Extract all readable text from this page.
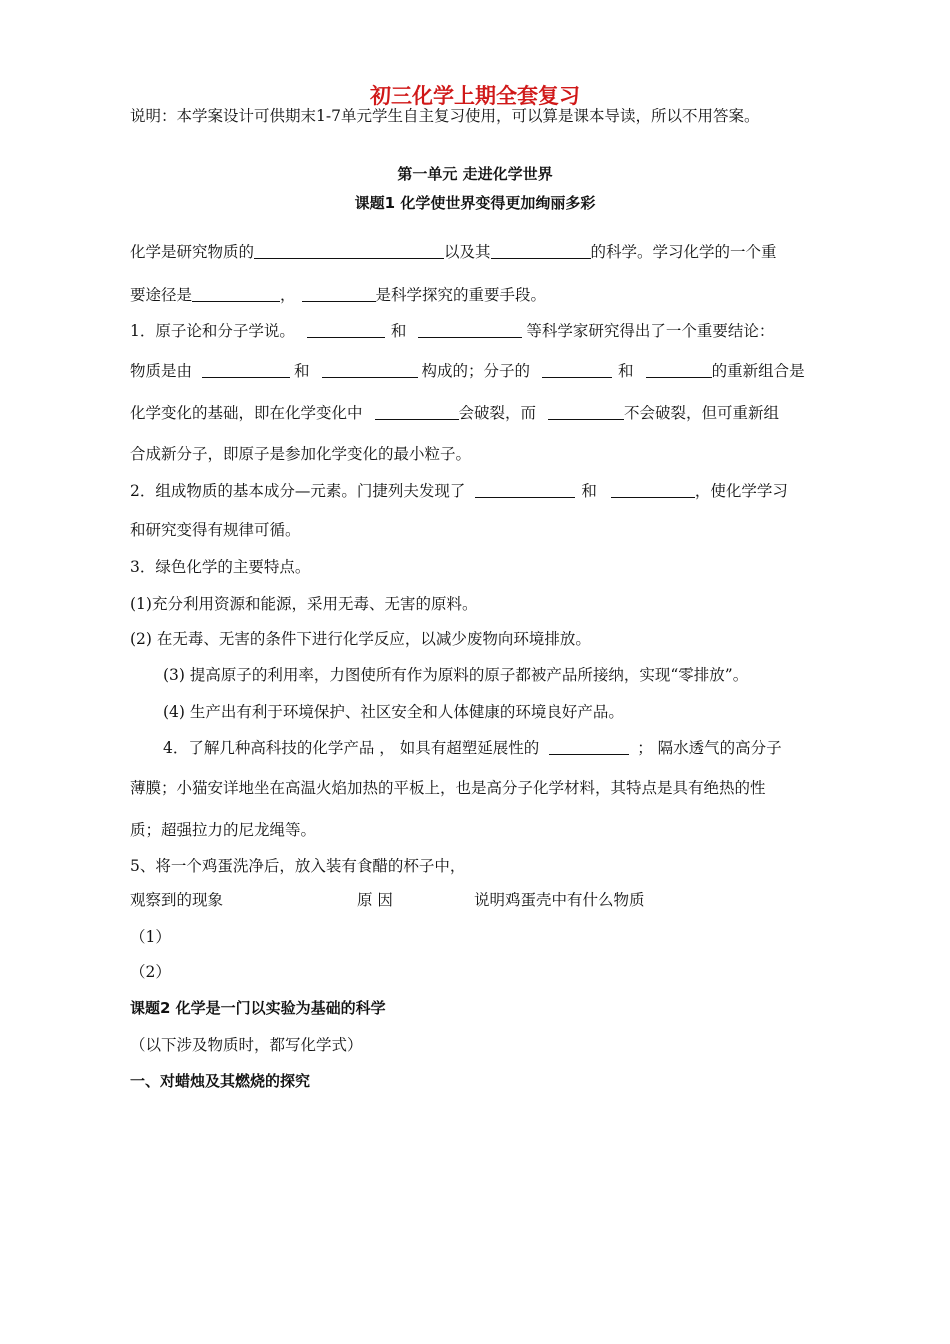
初三化学上期全套复习
说明：本学案设计可供期末1-7单元学生自主复习使用，可以算是课本导读，所以不用答案。
第一单元 走进化学世界
课题1 化学使世界变得更加绚丽多彩
化学是研究物质的	以及其	的科学。学习化学的一个重
要途径是	，	是科学探究的重要手段。
1．原子论和分子学说。	和	等科学家研究得出了一个重要结论：
物质是由	和	构成的；分子的	和	的重新组合是
化学变化的基础，即在化学变化中	会破裂，而	不会破裂，但可重新组
合成新分子，即原子是参加化学变化的最小粒子。
2．组成物质的基本成分—元素。门捷列夫发现了	和	，使化学学习
和研究变得有规律可循。
3．绿色化学的主要特点。
(1)充分利用资源和能源，采用无毒、无害的原料。
(2) 在无毒、无害的条件下进行化学反应，以减少废物向环境排放。
(3) 提高原子的利用率，力图使所有作为原料的原子都被产品所接纳，实现“零排放”。
(4) 生产出有利于环境保护、社区安全和人体健康的环境良好产品。
4．了解几种高科技的化学产品 ， 如具有超塑延展性的	； 隔水透气的高分子
薄膜；小猫安详地坐在高温火焰加热的平板上，也是高分子化学材料，其特点是具有绝热的性
质；超强拉力的尼龙绳等。
5、将一个鸡蛋洗净后，放入装有食醋的杯子中，
观察到的现象	原 因	说明鸡蛋壳中有什么物质
（1）
（2）
课题2 化学是一门以实验为基础的科学
（以下涉及物质时，都写化学式）
一、对蜡烛及其燃烧的探究
